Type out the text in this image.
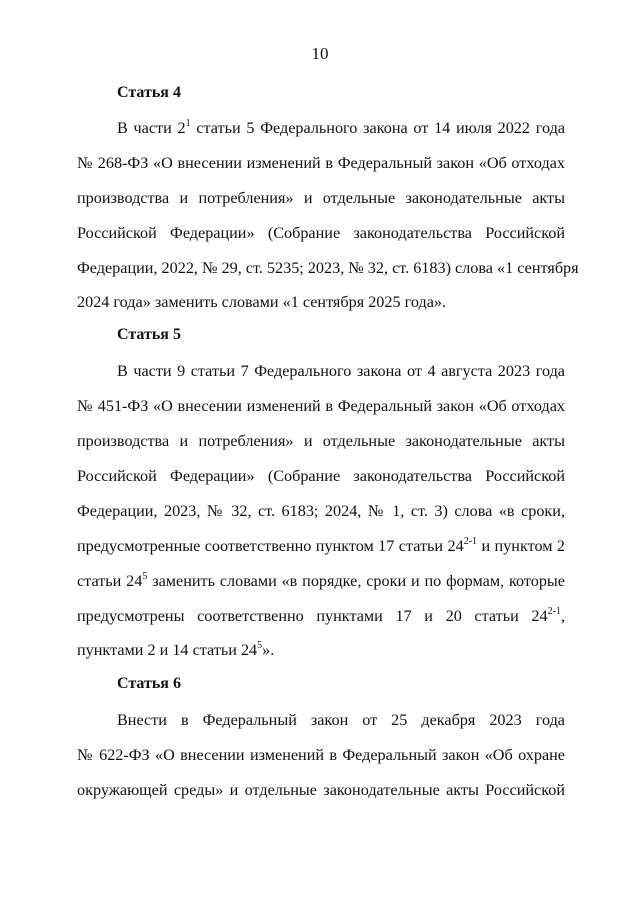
10
Статья 4
В части $2^1$ статьи 5 Федерального закона от 14 июля 2022 года
№ 268-ФЗ «О внесении изменений в Федеральный закон «Об отходах
производства и потребления» и отдельные законодательные акты
Российской Федерации» (Собрание законодательства Российской
Федерации, 2022, № 29, ст. 5235; 2023, № 32, ст. 6183) слова «1 сентября
2024 года» заменить словами «1 сентября 2025 года».
Статья 5
В части 9 статьи 7 Федерального закона от 4 августа 2023 года
№ 451-ФЗ «О внесении изменений в Федеральный закон «Об отходах
производства и потребления» и отдельные законодательные акты
Российской Федерации» (Собрание законодательства Российской
Федерации, 2023, № 32, ст. 6183; 2024, № 1, ст. 3) слова «в сроки,
предусмотренные соответственно пунктом 17 статьи 24$^{2-1}$ и пунктом 2
статьи $24^5$ заменить словами «в порядке, сроки и по формам, которые
предусмотрены соответственно пунктами 17 и 20 статьи 24$^{2-1}$,
пунктами 2 и 14 статьи $24^5$».
Статья 6
Внести в Федеральный закон от 25 декабря 2023 года
№ 622-ФЗ «О внесении изменений в Федеральный закон «Об охране
окружающей среды» и отдельные законодательные акты Российской
